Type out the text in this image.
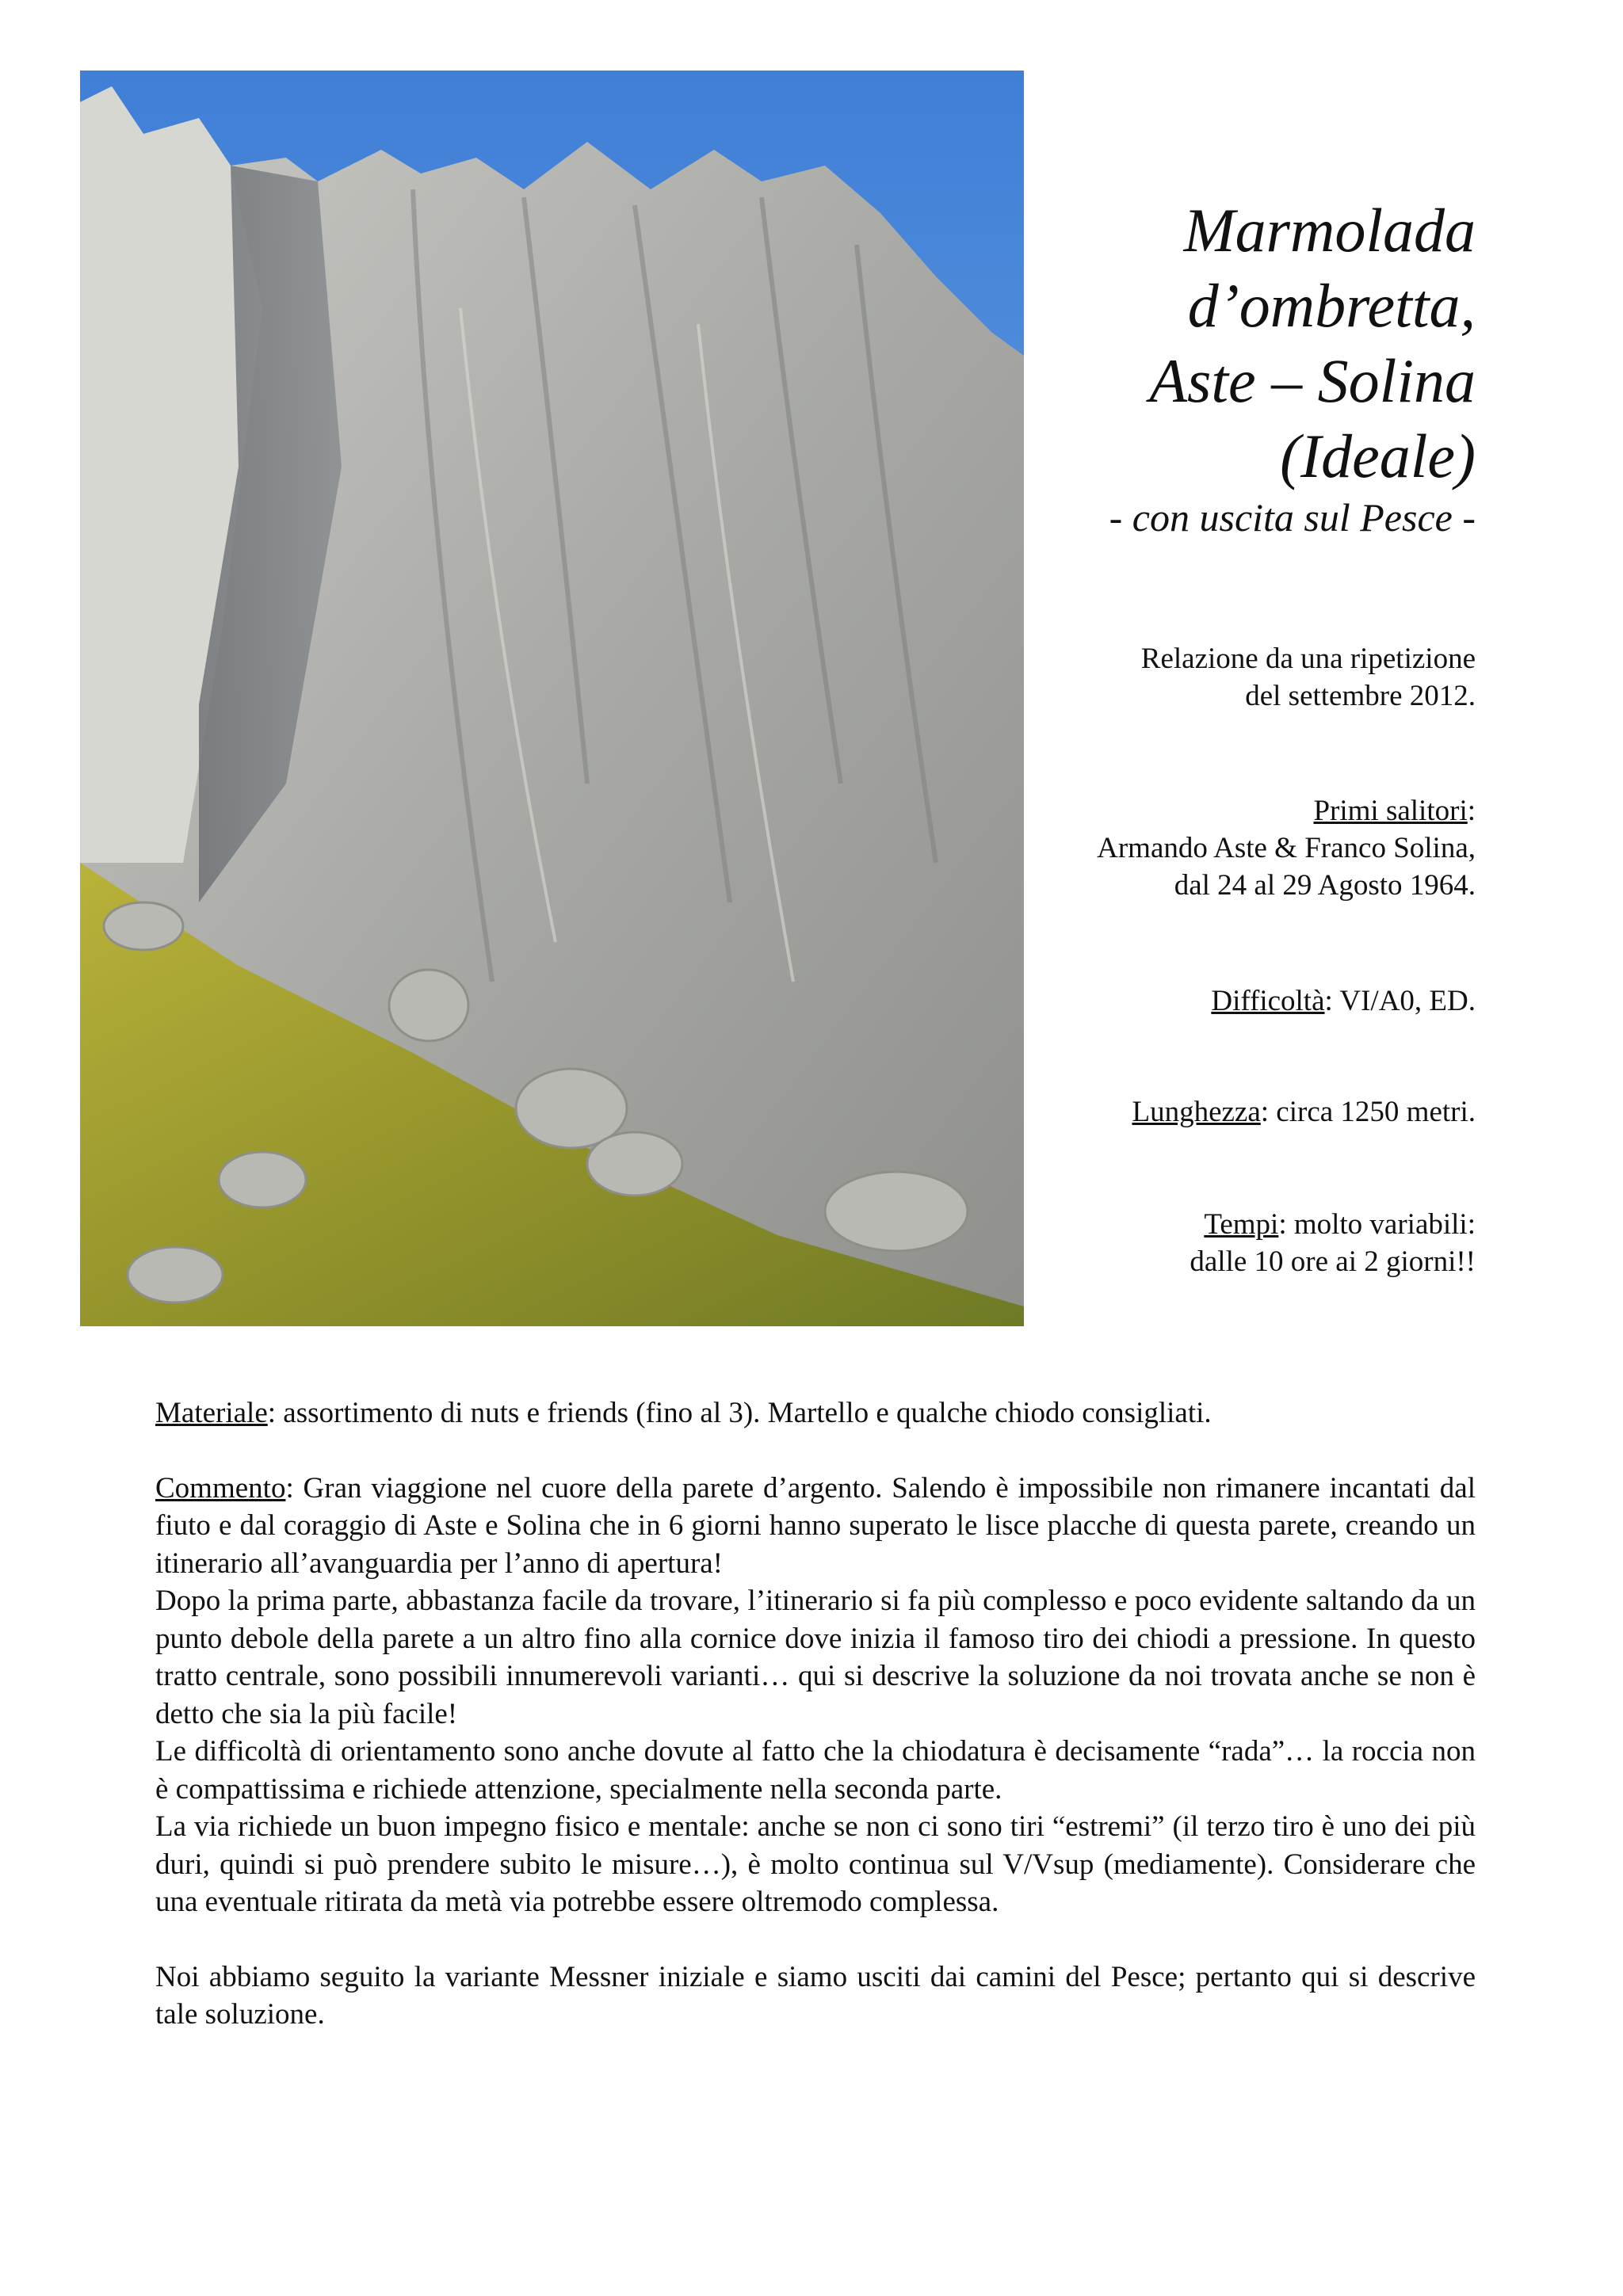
Marmolada
d’ombretta,
Aste – Solina
(Ideale)
- con uscita sul Pesce -
Relazione da una ripetizione
del settembre 2012.
Primi salitori:
Armando Aste & Franco Solina,
dal 24 al 29 Agosto 1964.
Difficoltà: VI/A0, ED.
Lunghezza: circa 1250 metri.
Tempi: molto variabili:
dalle 10 ore ai 2 giorni!!

Materiale: assortimento di nuts e friends (fino al 3). Martello e qualche chiodo consigliati.

Commento: Gran viaggione nel cuore della parete d’argento. Salendo è impossibile non rimanere incantati dal fiuto e dal coraggio di Aste e Solina che in 6 giorni hanno superato le lisce placche di questa parete, creando un itinerario all’avanguardia per l’anno di apertura!

Dopo la prima parte, abbastanza facile da trovare, l’itinerario si fa più complesso e poco evidente saltando da un punto debole della parete a un altro fino alla cornice dove inizia il famoso tiro dei chiodi a pressione. In questo tratto centrale, sono possibili innumerevoli varianti… qui si descrive la soluzione da noi trovata anche se non è detto che sia la più facile!

Le difficoltà di orientamento sono anche dovute al fatto che la chiodatura è decisamente “rada”… la roccia non è compattissima e richiede attenzione, specialmente nella seconda parte.

La via richiede un buon impegno fisico e mentale: anche se non ci sono tiri “estremi” (il terzo tiro è uno dei più duri, quindi si può prendere subito le misure…), è molto continua sul V/Vsup (mediamente). Considerare che una eventuale ritirata da metà via potrebbe essere oltremodo complessa.

Noi abbiamo seguito la variante Messner iniziale e siamo usciti dai camini del Pesce; pertanto qui si descrive tale soluzione.
